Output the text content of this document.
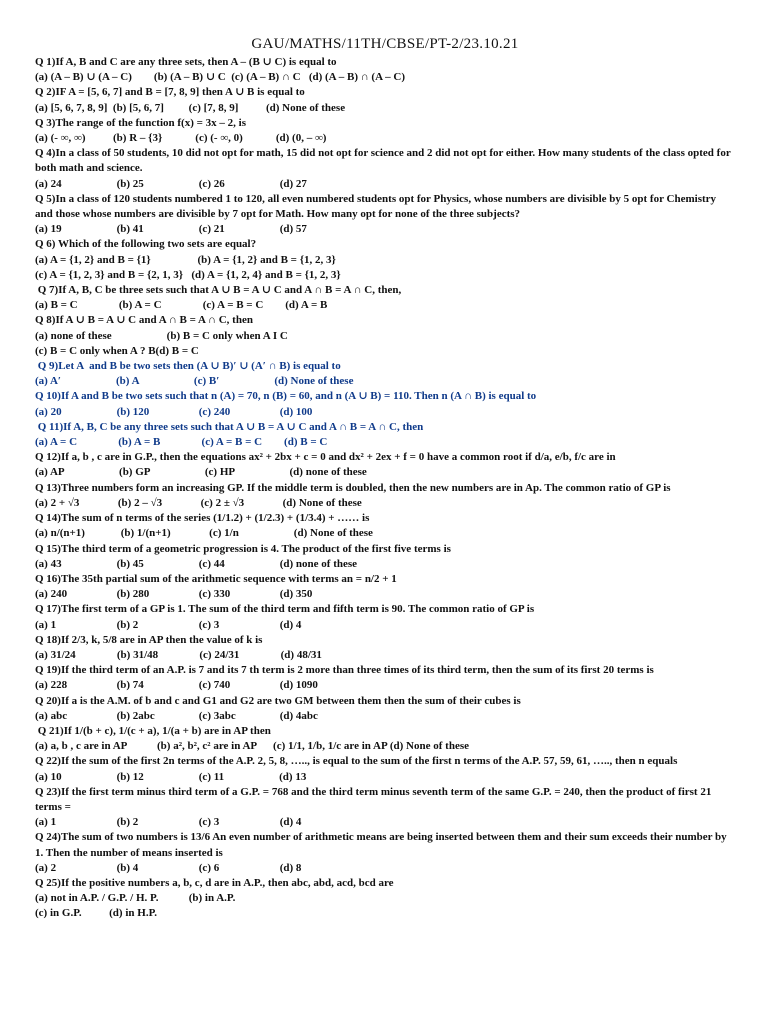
GAU/MATHS/11TH/CBSE/PT-2/23.10.21
Q 1)If A, B and C are any three sets, then A – (B ∪ C) is equal to
(a) (A – B) ∪ (A – C)        (b) (A – B) ∪ C  (c) (A – B) ∩ C   (d) (A – B) ∩ (A – C)
Q 2)IF A = [5, 6, 7] and B = [7, 8, 9] then A ∪ B is equal to
(a) [5, 6, 7, 8, 9]  (b) [5, 6, 7]         (c) [7, 8, 9]          (d) None of these
Q 3)The range of the function f(x) = 3x – 2, is
(a) (- ∞, ∞)          (b) R – {3}            (c) (- ∞, 0)            (d) (0, – ∞)
Q 4)In a class of 50 students, 10 did not opt for math, 15 did not opt for science and 2 did not opt for either. How many students of the class opted for both math and science.
(a) 24                    (b) 25                    (c) 26                    (d) 27
Q 5)In a class of 120 students numbered 1 to 120, all even numbered students opt for Physics, whose numbers are divisible by 5 opt for Chemistry and those whose numbers are divisible by 7 opt for Math. How many opt for none of the three subjects?
(a) 19                    (b) 41                    (c) 21                    (d) 57
Q 6) Which of the following two sets are equal?
(a) A = {1, 2} and B = {1}                 (b) A = {1, 2} and B = {1, 2, 3}
(c) A = {1, 2, 3} and B = {2, 1, 3}   (d) A = {1, 2, 4} and B = {1, 2, 3}
Q 7)If A, B, C be three sets such that A ∪ B = A ∪ C and A ∩ B = A ∩ C, then,
(a) B = C               (b) A = C               (c) A = B = C        (d) A = B
Q 8)If A ∪ B = A ∪ C and A ∩ B = A ∩ C, then
(a) none of these                    (b) B = C only when A I C
(c) B = C only when A ? B(d) B = C
Q 9)Let A  and B be two sets then (A ∪ B)′ ∪ (A′ ∩ B) is equal to
(a) A′                    (b) A                    (c) B′                    (d) None of these
Q 10)If A and B be two sets such that n (A) = 70, n (B) = 60, and n (A ∪ B) = 110. Then n (A ∩ B) is equal to
(a) 20                    (b) 120                  (c) 240                  (d) 100
Q 11)If A, B, C be any three sets such that A ∪ B = A ∪ C and A ∩ B = A ∩ C, then
(a) A = C               (b) A = B               (c) A = B = C        (d) B = C
Q 12)If a, b , c are in G.P., then the equations ax² + 2bx + c = 0 and dx² + 2ex + f = 0 have a common root if d/a, e/b, f/c are in
(a) AP                    (b) GP                    (c) HP                    (d) none of these
Q 13)Three numbers form an increasing GP. If the middle term is doubled, then the new numbers are in Ap. The common ratio of GP is
(a) 2 + √3              (b) 2 – √3              (c) 2 ± √3              (d) None of these
Q 14)The sum of n terms of the series (1/1.2) + (1/2.3) + (1/3.4) + …… is
(a) n/(n+1)             (b) 1/(n+1)              (c) 1/n                    (d) None of these
Q 15)The third term of a geometric progression is 4. The product of the first five terms is
(a) 43                    (b) 45                    (c) 44                    (d) none of these
Q 16)The 35th partial sum of the arithmetic sequence with terms an = n/2 + 1
(a) 240                  (b) 280                  (c) 330                  (d) 350
Q 17)The first term of a GP is 1. The sum of the third term and fifth term is 90. The common ratio of GP is
(a) 1                      (b) 2                      (c) 3                      (d) 4
Q 18)If 2/3, k, 5/8 are in AP then the value of k is
(a) 31/24               (b) 31/48               (c) 24/31               (d) 48/31
Q 19)If the third term of an A.P. is 7 and its 7 th term is 2 more than three times of its third term, then the sum of its first 20 terms is
(a) 228                  (b) 74                    (c) 740                  (d) 1090
Q 20)If a is the A.M. of b and c and G1 and G2 are two GM between them then the sum of their cubes is
(a) abc                  (b) 2abc                (c) 3abc                (d) 4abc
Q 21)If 1/(b + c), 1/(c + a), 1/(a + b) are in AP then
(a) a, b , c are in AP           (b) a², b², c² are in AP      (c) 1/1, 1/b, 1/c are in AP (d) None of these
Q 22)If the sum of the first 2n terms of the A.P. 2, 5, 8, ….., is equal to the sum of the first n terms of the A.P. 57, 59, 61, ….., then n equals
(a) 10                    (b) 12                    (c) 11                    (d) 13
Q 23)If the first term minus third term of a G.P. = 768 and the third term minus seventh term of the same G.P. = 240, then the product of first 21 terms =
(a) 1                      (b) 2                      (c) 3                      (d) 4
Q 24)The sum of two numbers is 13/6 An even number of arithmetic means are being inserted between them and their sum exceeds their number by 1. Then the number of means inserted is
(a) 2                      (b) 4                      (c) 6                      (d) 8
Q 25)If the positive numbers a, b, c, d are in A.P., then abc, abd, acd, bcd are
(a) not in A.P. / G.P. / H. P.           (b) in A.P.
(c) in G.P.          (d) in H.P.
